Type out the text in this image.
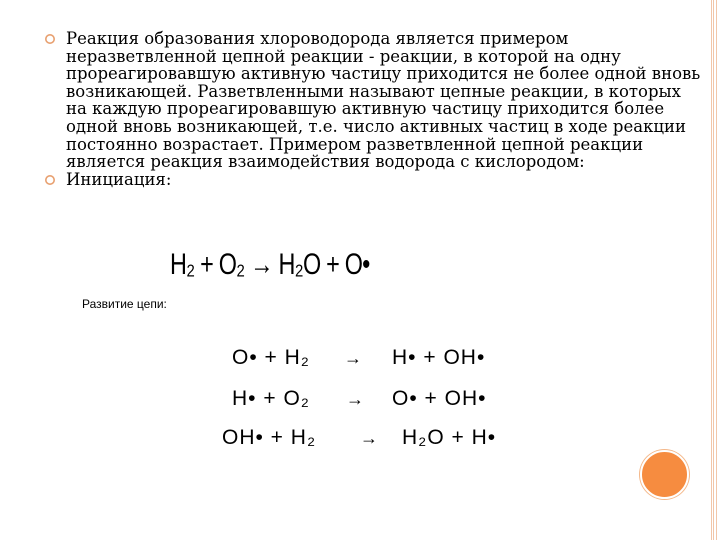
Реакция образования хлороводорода является примером неразветвленной цепной реакции - реакции, в которой на одну прореагировавшую активную частицу приходится не более одной вновь возникающей. Разветвленными называют цепные реакции, в которых на каждую прореагировавшую активную частицу приходится более одной вновь возникающей, т.е. число активных частиц в ходе реакции постоянно возрастает. Примером разветвленной цепной реакции является реакция взаимодействия водорода с кислородом:
Инициация:
H₂ + O₂ → H₂O + O•
Развитие цепи:
O• + H₂ → H• + OH•
H• + O₂ → O• + OH•
OH• + H₂ → H₂O + H•
